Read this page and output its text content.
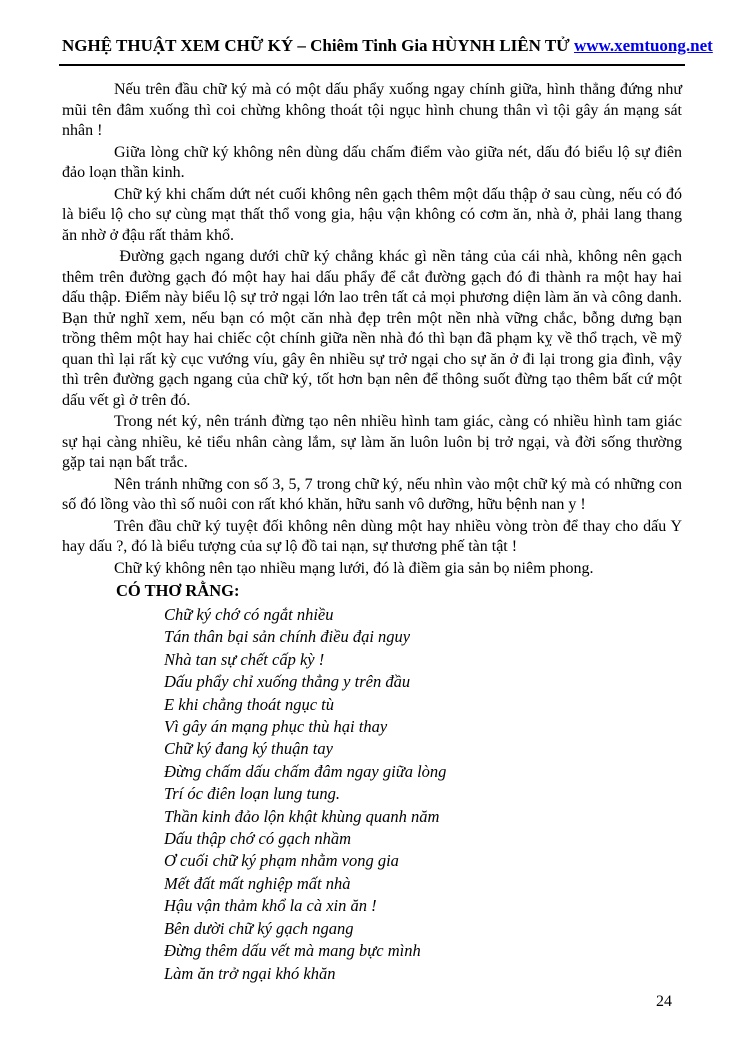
NGHỆ THUẬT XEM CHỮ KÝ – Chiêm Tinh Gia HÙYNH LIÊN TỬ www.xemtuong.net

Nếu trên đầu chữ ký mà có một dấu phẩy xuống ngay chính giữa, hình thẳng đứng như mũi tên đâm xuống thì coi chừng không thoát tội ngục hình chung thân vì tội gây án mạng sát nhân !

Giữa lòng chữ ký không nên dùng dấu chấm điểm vào giữa nét, dấu đó biểu lộ sự điên đảo loạn thần kinh.

Chữ ký khi chấm dứt nét cuối không nên gạch thêm một dấu thập ở sau cùng, nếu có đó là biểu lộ cho sự cùng mạt thất thổ vong gia, hậu vận không có cơm ăn, nhà ở, phải lang thang ăn nhờ ở đậu rất thảm khổ.

Đường gạch ngang dưới chữ ký chẳng khác gì nền tảng của cái nhà, không nên gạch thêm trên đường gạch đó một hay hai dấu phẩy để cắt đường gạch đó đi thành ra một hay hai dấu thập. Điểm này biểu lộ sự trở ngại lớn lao trên tất cả mọi phương diện làm ăn và công danh. Bạn thử nghĩ xem, nếu bạn có một căn nhà đẹp trên một nền nhà vững chắc, bỗng dưng bạn trồng thêm một hay hai chiếc cột chính giữa nền nhà đó thì bạn đã phạm kỵ về thổ trạch, về mỹ quan thì lại rất kỳ cục vướng víu, gây ên nhiều sự trở ngại cho sự ăn ở đi lại trong gia đình, vậy thì trên đường gạch ngang của chữ ký, tốt hơn bạn nên để thông suốt đừng tạo thêm bất cứ một dấu vết gì ở trên đó.

Trong nét ký, nên tránh đừng tạo nên nhiều hình tam giác, càng có nhiều hình tam giác sự hại càng nhiều, kẻ tiểu nhân càng lắm, sự làm ăn luôn luôn bị trở ngại, và đời sống thường gặp tai nạn bất trắc.

Nên tránh những con số 3, 5, 7 trong chữ ký, nếu nhìn vào một chữ ký mà có những con số đó lồng vào thì số nuôi con rất khó khăn, hữu sanh vô dưỡng, hữu bệnh nan y !

Trên đầu chữ ký tuyệt đối không nên dùng một hay nhiều vòng tròn để thay cho dấu Y hay dấu ?, đó là biểu tượng của sự lộ đồ tai nạn, sự thương phế tàn tật !

Chữ ký không nên tạo nhiều mạng lưới, đó là điềm gia sản bọ niêm phong.

CÓ THƠ RẰNG:

Chữ ký chớ có ngắt nhiều

Tán thân bại sản chính điều đại nguy

Nhà tan sự chết cấp kỳ !

Dấu phẩy chỉ xuống thẳng y trên đầu

E khi chẳng thoát ngục tù

Vì gây án mạng phục thù hại thay

Chữ ký đang ký thuận tay

Đừng chấm dấu chấm đâm ngay giữa lòng

Trí óc điên loạn lung tung.

Thần kinh đảo lộn khật khùng quanh năm

Dấu thập chớ có gạch nhầm

Ơ cuối chữ ký phạm nhằm vong gia

Mết đất mất nghiệp mất nhà

Hậu vận thảm khổ la cà xin ăn !

Bên dười chữ ký gạch ngang

Đừng thêm dấu vết mà mang bực mình

Làm ăn trở ngại khó khăn

24
